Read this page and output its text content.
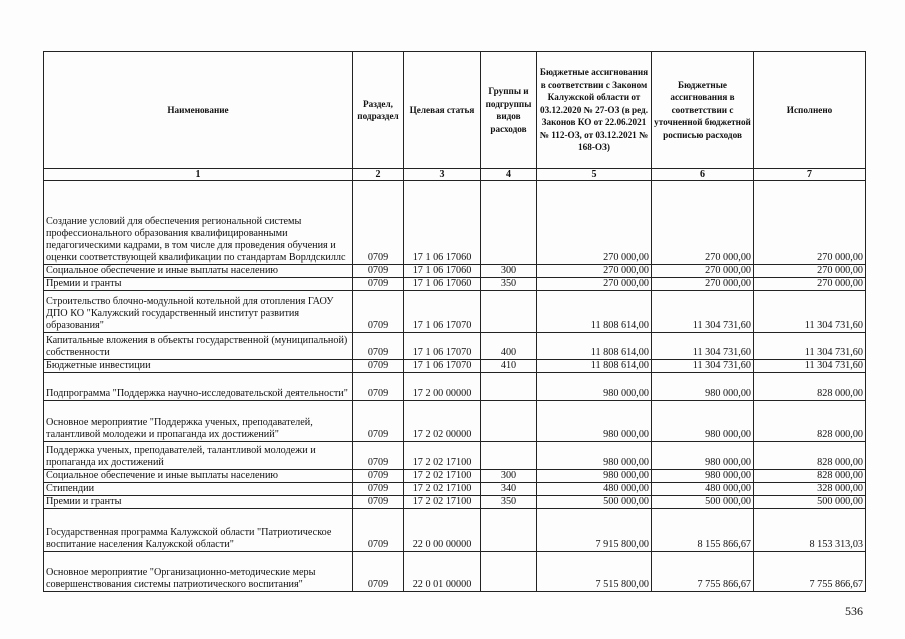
Наименование	Раздел, подраздел	Целевая статья	Группы и подгруппы видов расходов	Бюджетные ассигнования в соответствии с Законом Калужской области от 03.12.2020 № 27-ОЗ (в ред. Законов КО от 22.06.2021 № 112-ОЗ, от 03.12.2021 № 168-ОЗ)	Бюджетные ассигнования в соответствии с уточненной бюджетной росписью расходов	Исполнено
1	2	3	4	5	6	7
Создание условий для обеспечения региональной системы профессионального образования квалифицированными педагогическими кадрами, в том числе для проведения обучения и оценки соответствующей квалификации по стандартам Ворлдскиллс	0709	17 1 06 17060		270 000,00	270 000,00	270 000,00
Социальное обеспечение и иные выплаты населению	0709	17 1 06 17060	300	270 000,00	270 000,00	270 000,00
Премии и гранты	0709	17 1 06 17060	350	270 000,00	270 000,00	270 000,00
Строительство блочно-модульной котельной для отопления ГАОУ ДПО КО "Калужский государственный институт развития образования"	0709	17 1 06 17070		11 808 614,00	11 304 731,60	11 304 731,60
Капитальные вложения в объекты государственной (муниципальной) собственности	0709	17 1 06 17070	400	11 808 614,00	11 304 731,60	11 304 731,60
Бюджетные инвестиции	0709	17 1 06 17070	410	11 808 614,00	11 304 731,60	11 304 731,60
Подпрограмма "Поддержка научно-исследовательской деятельности"	0709	17 2 00 00000		980 000,00	980 000,00	828 000,00
Основное мероприятие "Поддержка ученых, преподавателей, талантливой молодежи и пропаганда их достижений"	0709	17 2 02 00000		980 000,00	980 000,00	828 000,00
Поддержка ученых, преподавателей, талантливой молодежи и пропаганда их достижений	0709	17 2 02 17100		980 000,00	980 000,00	828 000,00
Социальное обеспечение и иные выплаты населению	0709	17 2 02 17100	300	980 000,00	980 000,00	828 000,00
Стипендии	0709	17 2 02 17100	340	480 000,00	480 000,00	328 000,00
Премии и гранты	0709	17 2 02 17100	350	500 000,00	500 000,00	500 000,00
Государственная программа Калужской области "Патриотическое воспитание населения Калужской области"	0709	22 0 00 00000		7 915 800,00	8 155 866,67	8 153 313,03
Основное мероприятие "Организационно-методические меры совершенствования системы патриотического воспитания"	0709	22 0 01 00000		7 515 800,00	7 755 866,67	7 755 866,67
536
